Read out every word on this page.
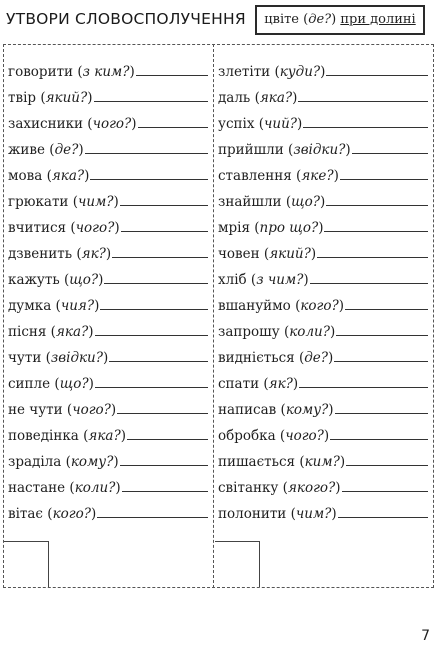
УТВОРИ СЛОВОСПОЛУЧЕННЯ	цвіте (де?) при долині
говорити (з ким?)
твір (який?)
захисники (чого?)
живе (де?)
мова (яка?)
грюкати (чим?)
вчитися (чого?)
дзвенить (як?)
кажуть (що?)
думка (чия?)
пісня (яка?)
чути (звідки?)
сипле (що?)
не чути (чого?)
поведінка (яка?)
зраділа (кому?)
настане (коли?)
вітає (кого?)
злетіти (куди?)
даль (яка?)
успіх (чий?)
прийшли (звідки?)
ставлення (яке?)
знайшли (що?)
мрія (про що?)
човен (який?)
хліб (з чим?)
вшануймо (кого?)
запрошу (коли?)
видніється (де?)
спати (як?)
написав (кому?)
обробка (чого?)
пишається (ким?)
світанку (якого?)
полонити (чим?)
7
